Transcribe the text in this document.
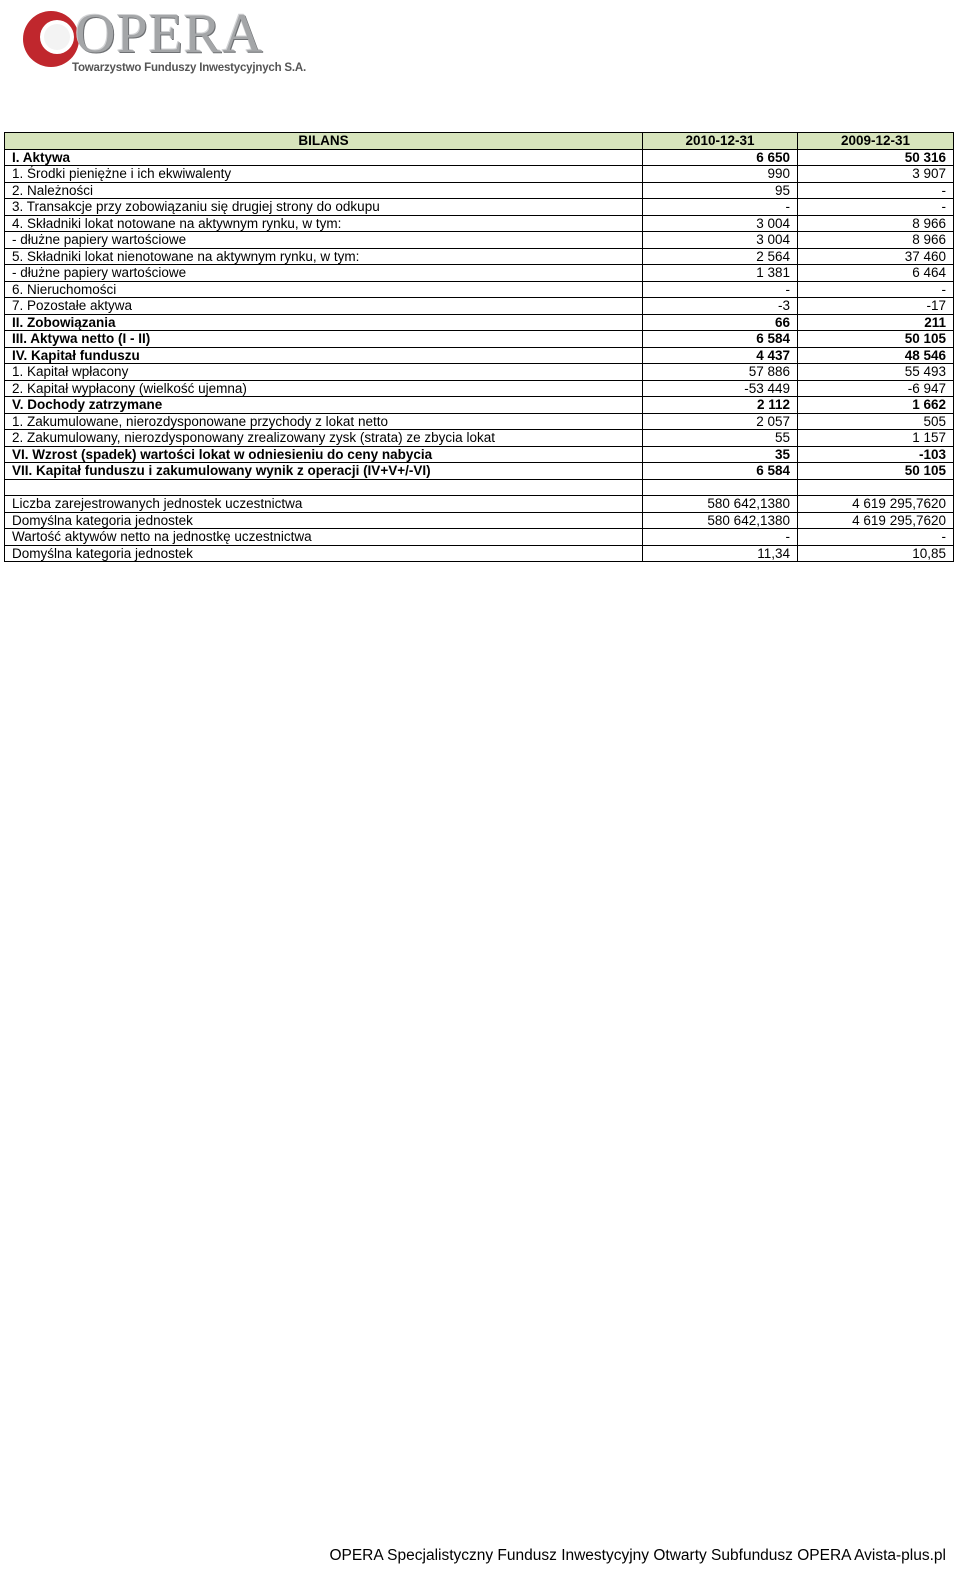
OPERA
Towarzystwo Funduszy Inwestycyjnych S.A.
BILANS	2010-12-31	2009-12-31
I. Aktywa	6 650	50 316
1. Środki pieniężne i ich ekwiwalenty	990	3 907
2. Należności	95	-
3. Transakcje przy zobowiązaniu się drugiej strony do odkupu	-	-
4. Składniki lokat notowane na aktywnym rynku, w tym:	3 004	8 966
- dłużne papiery wartościowe	3 004	8 966
5. Składniki lokat nienotowane na aktywnym rynku, w tym:	2 564	37 460
- dłużne papiery wartościowe	1 381	6 464
6. Nieruchomości	-	-
7. Pozostałe aktywa	-3	-17
II. Zobowiązania	66	211
III. Aktywa netto (I - II)	6 584	50 105
IV. Kapitał funduszu	4 437	48 546
1. Kapitał wpłacony	57 886	55 493
2. Kapitał wypłacony (wielkość ujemna)	-53 449	-6 947
V. Dochody zatrzymane	2 112	1 662
1. Zakumulowane, nierozdysponowane przychody z lokat netto	2 057	505
2. Zakumulowany, nierozdysponowany zrealizowany zysk (strata) ze zbycia lokat	55	1 157
VI. Wzrost (spadek) wartości lokat w odniesieniu do ceny nabycia	35	-103
VII. Kapitał funduszu i zakumulowany wynik z operacji (IV+V+/-VI)	6 584	50 105

Liczba zarejestrowanych jednostek uczestnictwa	580 642,1380	4 619 295,7620
Domyślna kategoria jednostek	580 642,1380	4 619 295,7620
Wartość aktywów netto na jednostkę uczestnictwa	-	-
Domyślna kategoria jednostek	11,34	10,85
OPERA Specjalistyczny Fundusz Inwestycyjny Otwarty Subfundusz OPERA Avista-plus.pl
